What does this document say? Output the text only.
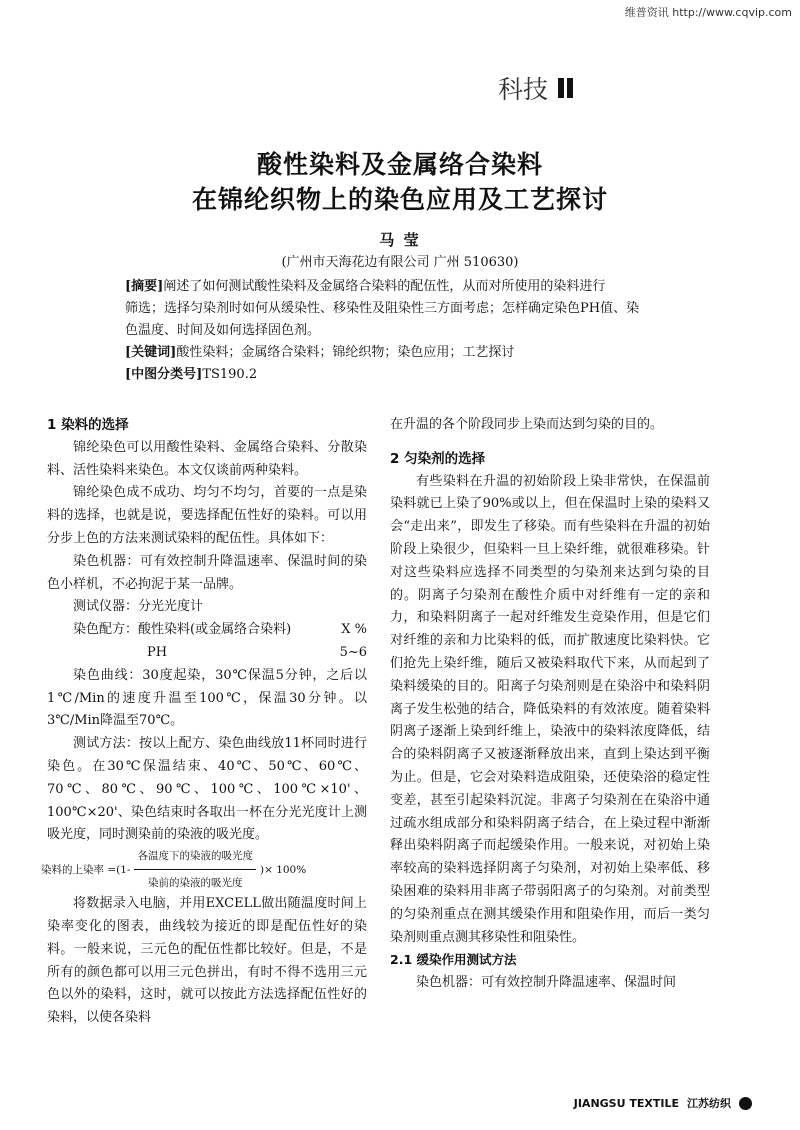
维普资讯 http://www.cqvip.com
科技
酸性染料及金属络合染料
在锦纶织物上的染色应用及工艺探讨
马 莹
(广州市天海花边有限公司 广州 510630)
[摘要]阐述了如何测试酸性染料及金属络合染料的配伍性，从而对所使用的染料进行
筛选；选择匀染剂时如何从缓染性、移染性及阻染性三方面考虑；怎样确定染色PH值、染
色温度、时间及如何选择固色剂。
[关键词]酸性染料；金属络合染料；锦纶织物；染色应用；工艺探讨
[中图分类号]TS190.2

1 染料的选择

锦纶染色可以用酸性染料、金属络合染料、分散染料、活性染料来染色。本文仅谈前两种染料。

锦纶染色成不成功、均匀不均匀，首要的一点是染料的选择，也就是说，要选择配伍性好的染料。可以用分步上色的方法来测试染料的配伍性。具体如下：

染色机器：可有效控制升降温速率、保温时间的染色小样机，不必拘泥于某一品牌。

测试仪器：分光光度计

染色配方：酸性染料(或金属络合染料)	X %
PH	5~6

染色曲线：30度起染，30℃保温5分钟，之后以1℃/Min的速度升温至100℃，保温30分钟。以3℃/Min降温至70℃。

测试方法：按以上配方、染色曲线放11杯同时进行染色。在30℃保温结束、40℃、50℃、60℃、70℃、80℃、90℃、100℃、100℃×10'、100℃×20'、染色结束时各取出一杯在分光光度计上测吸光度，同时测染前的染液的吸光度。

染料的上染率 $=(1- \frac{\text{各温度下的染液的吸光度}}{\text{染前的染液的吸光度}}$ )× 100%

将数据录入电脑，并用EXCELL做出随温度时间上染率变化的图表，曲线较为接近的即是配伍性好的染料。一般来说，三元色的配伍性都比较好。但是，不是所有的颜色都可以用三元色拼出，有时不得不选用三元色以外的染料，这时，就可以按此方法选择配伍性好的染料，以使各染料

在升温的各个阶段同步上染而达到匀染的目的。

2 匀染剂的选择

有些染料在升温的初始阶段上染非常快，在保温前染料就已上染了90%或以上，但在保温时上染的染料又会“走出来”，即发生了移染。而有些染料在升温的初始阶段上染很少，但染料一旦上染纤维，就很难移染。针对这些染料应选择不同类型的匀染剂来达到匀染的目的。阴离子匀染剂在酸性介质中对纤维有一定的亲和力，和染料阴离子一起对纤维发生竞染作用，但是它们对纤维的亲和力比染料的低，而扩散速度比染料快。它们抢先上染纤维，随后又被染料取代下来，从而起到了染料缓染的目的。阳离子匀染剂则是在染浴中和染料阴离子发生松弛的结合，降低染料的有效浓度。随着染料阴离子逐渐上染到纤维上，染液中的染料浓度降低，结合的染料阴离子又被逐渐释放出来，直到上染达到平衡为止。但是，它会对染料造成阻染，还使染浴的稳定性变差，甚至引起染料沉淀。非离子匀染剂在在染浴中通过疏水组成部分和染料阴离子结合，在上染过程中渐渐释出染料阴离子而起缓染作用。一般来说，对初始上染率较高的染料选择阴离子匀染剂，对初始上染率低、移染困难的染料用非离子带弱阳离子的匀染剂。对前类型的匀染剂重点在测其缓染作用和阻染作用，而后一类匀染剂则重点测其移染性和阻染性。

2.1 缓染作用测试方法

染色机器：可有效控制升降温速率、保温时间

JIANGSU TEXTILE 江苏纺织
